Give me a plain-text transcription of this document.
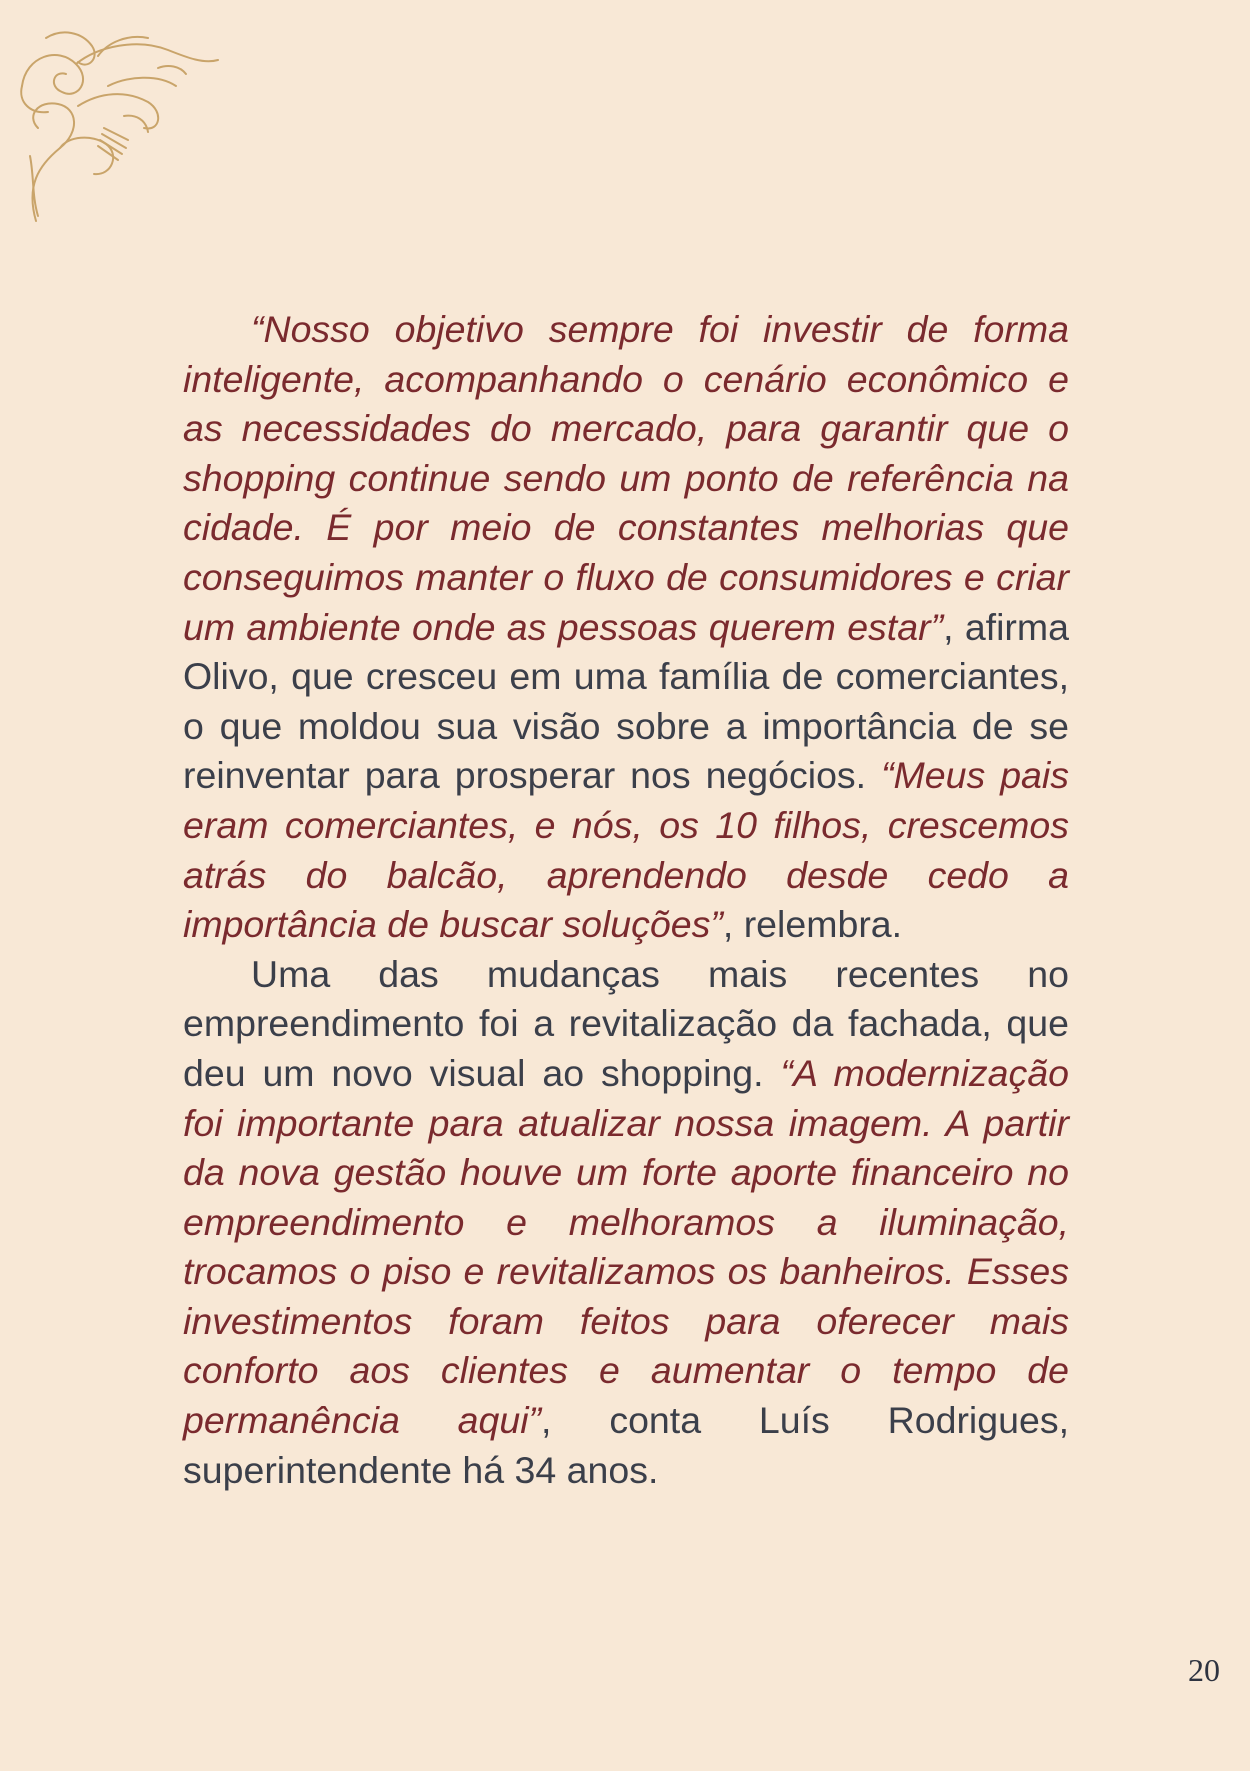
“Nosso objetivo sempre foi investir de forma inteligente, acompanhando o cenário econômico e as necessidades do mercado, para garantir que o shopping continue sendo um ponto de referência na cidade. É por meio de constantes melhorias que conseguimos manter o fluxo de consumidores e criar um ambiente onde as pessoas querem estar”, afirma Olivo, que cresceu em uma família de comerciantes, o que moldou sua visão sobre a importância de se reinventar para prosperar nos negócios. “Meus pais eram comerciantes, e nós, os 10 filhos, crescemos atrás do balcão, aprendendo desde cedo a importância de buscar soluções”, relembra.

Uma das mudanças mais recentes no empreendimento foi a revitalização da fachada, que deu um novo visual ao shopping. “A modernização foi importante para atualizar nossa imagem. A partir da nova gestão houve um forte aporte financeiro no empreendimento e melhoramos a iluminação, trocamos o piso e revitalizamos os banheiros. Esses investimentos foram feitos para oferecer mais conforto aos clientes e aumentar o tempo de permanência aqui”, conta Luís Rodrigues, superintendente há 34 anos.

20
